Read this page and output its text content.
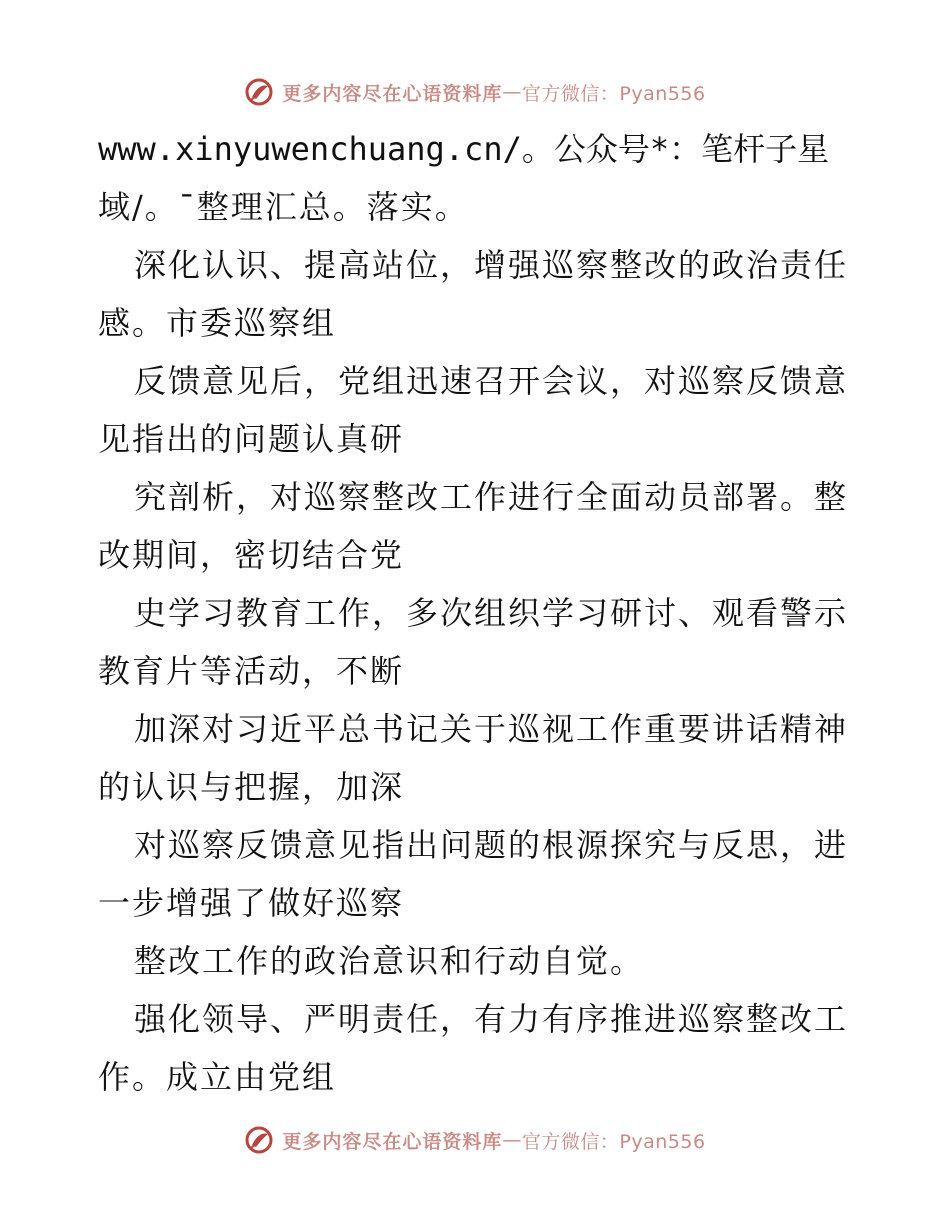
更多内容尽在心语资料库 — 官方微信：Pyan556
www.xinyuwenchuang.cn/。公众号*：笔杆子星
域/。¯整理汇总。落实。
深化认识、提高站位，增强巡察整改的政治责任
感。市委巡察组
反馈意见后，党组迅速召开会议，对巡察反馈意
见指出的问题认真研
究剖析，对巡察整改工作进行全面动员部署。整
改期间，密切结合党
史学习教育工作，多次组织学习研讨、观看警示
教育片等活动，不断
加深对习近平总书记关于巡视工作重要讲话精神
的认识与把握，加深
对巡察反馈意见指出问题的根源探究与反思，进
一步增强了做好巡察
整改工作的政治意识和行动自觉。
强化领导、严明责任，有力有序推进巡察整改工
作。成立由党组
更多内容尽在心语资料库 — 官方微信：Pyan556
